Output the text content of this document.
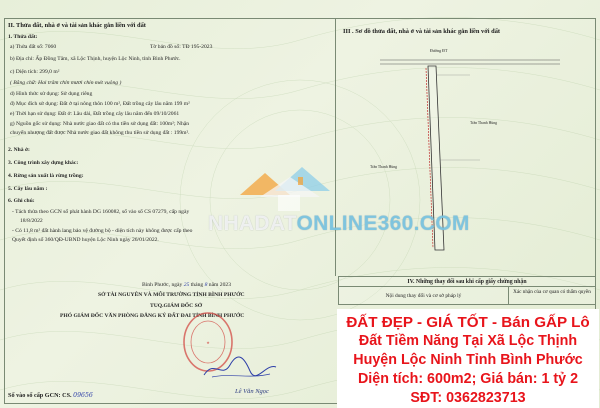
II. Thửa đất, nhà ở và tài sản khác gắn liền với đất
1. Thửa đất:
a) Thửa đất số: 7060	Tờ bản đồ số: TĐ 195-2023
b) Địa chỉ: Ấp Đồng Tâm, xã Lộc Thịnh, huyện Lộc Ninh, tỉnh Bình Phước.
c) Diện tích: 299,0 m²
( Bằng chữ: Hai trăm chín mươi chín mét vuông )
d) Hình thức sử dụng: Sử dụng riêng
đ) Mục đích sử dụng: Đất ở tại nông thôn 100 m², Đất trồng cây lâu năm 199 m²
e) Thời hạn sử dụng: Đất ở: Lâu dài, Đất trồng cây lâu năm đến 09/10/2061
g) Nguồn gốc sử dụng: Nhà nước giao đất có thu tiền sử dụng đất: 100m²; Nhận
chuyển nhượng đất được Nhà nước giao đất không thu tiền sử dụng đất : 199m².
2. Nhà ở:
3. Công trình xây dựng khác:
4. Rừng sản xuất là rừng trồng:
5. Cây lâu năm :
6. Ghi chú:
- Tách thửa theo GCN số phát hành DG 160082, số vào sổ CS 07279, cấp ngày
18/8/2022
- Có 11,8 m² đất hành lang bảo vệ đường bộ - diện tích này không được cấp theo
Quyết định số 360/QĐ-UBND huyện Lộc Ninh ngày 26/01/2022.
Bình Phước, ngày 25 tháng 8 năm 2023
SỞ TÀI NGUYÊN VÀ MÔI TRƯỜNG TỈNH BÌNH PHƯỚC
TUQ.GIÁM ĐỐC SỞ
PHÓ GIÁM ĐỐC VĂN PHÒNG ĐĂNG KÝ ĐẤT ĐAI TỈNH BÌNH PHƯỚC
★
Lê Văn Ngọc
Số vào sổ cấp GCN: CS. 09656
III . Sơ đồ thửa đất, nhà ở và tài sản khác gắn liền với đất
Đường ĐT
Trần Thanh Hùng
Trần Thanh Hùng
IV. Những thay đổi sau khi cấp giấy chứng nhận
Nội dung thay đổi và cơ sở pháp lý
Xác nhận của cơ quan có thẩm quyền
NHADATONLINE360.COM
ĐẤT ĐẸP - GIÁ TỐT - Bán GẤP Lô
Đất Tiềm Năng Tại Xã Lộc Thịnh
Huyện Lộc Ninh Tỉnh Bình Phước
Diện tích: 600m2; Giá bán: 1 tỷ 2
SĐT: 0362823713
